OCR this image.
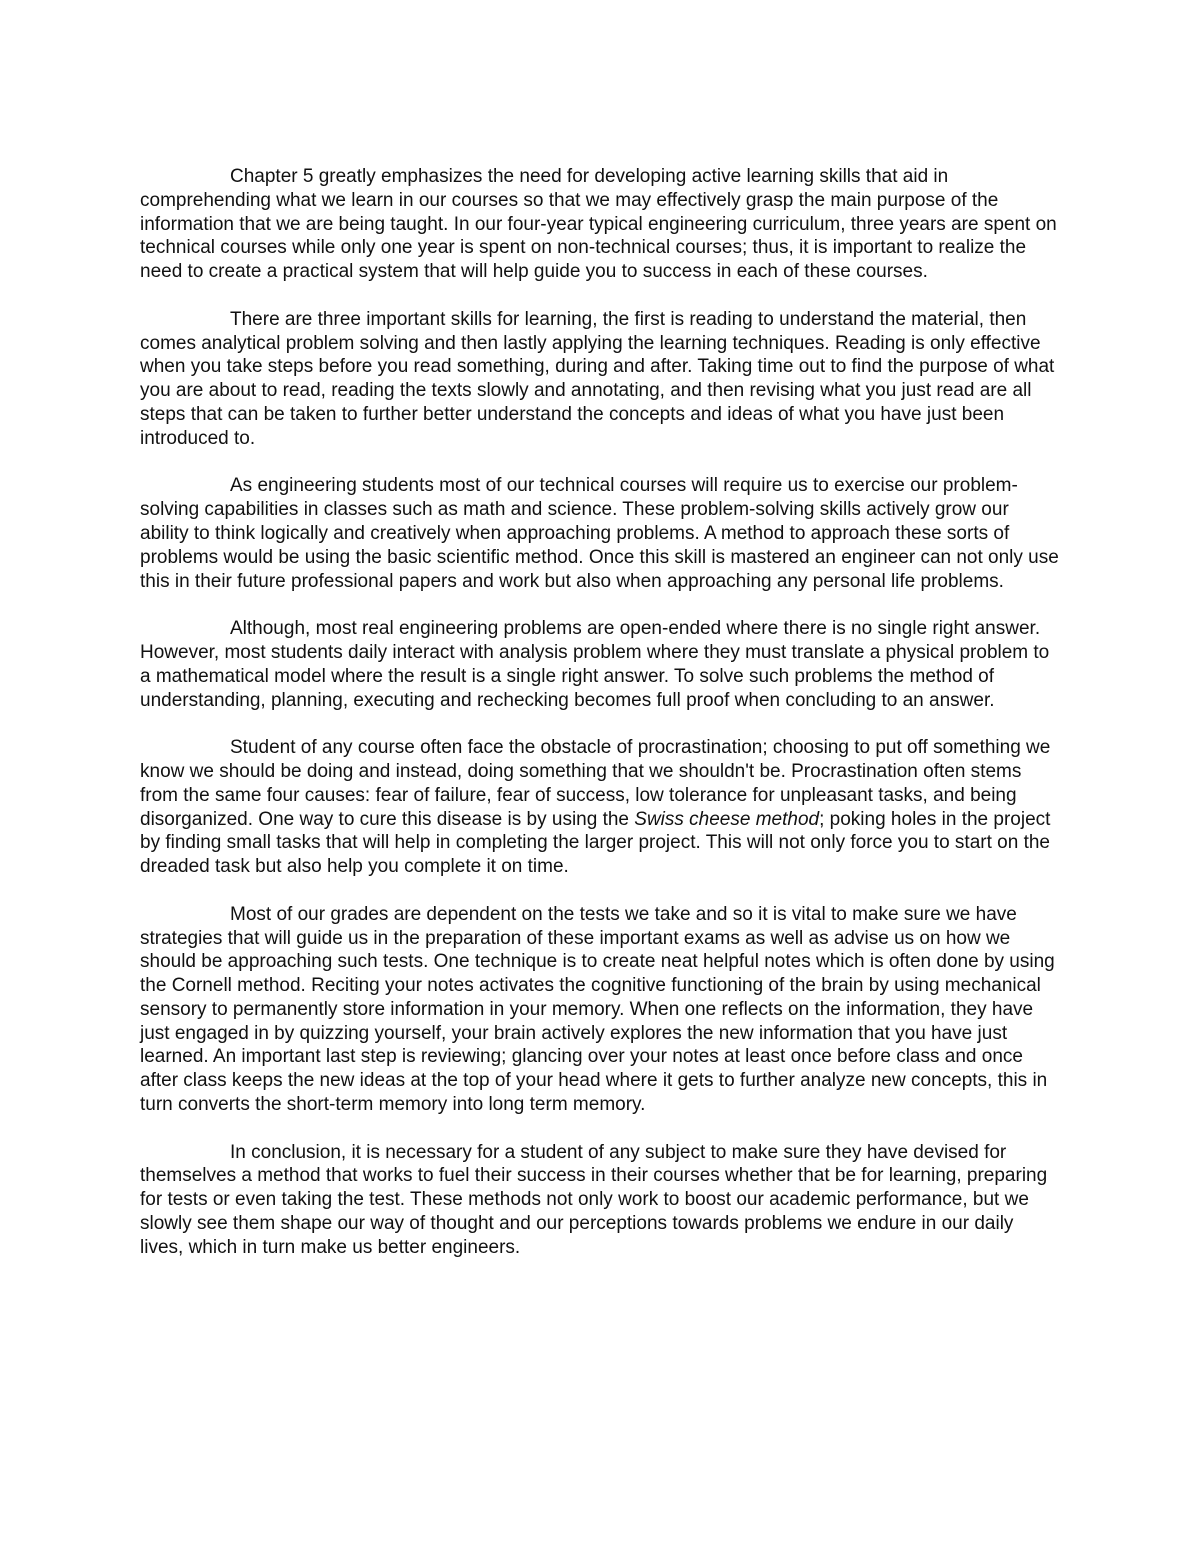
Chapter 5 greatly emphasizes the need for developing active learning skills that aid in comprehending what we learn in our courses so that we may effectively grasp the main purpose of the information that we are being taught. In our four-year typical engineering curriculum, three years are spent on technical courses while only one year is spent on non-technical courses; thus, it is important to realize the need to create a practical system that will help guide you to success in each of these courses.

There are three important skills for learning, the first is reading to understand the material, then comes analytical problem solving and then lastly applying the learning techniques. Reading is only effective when you take steps before you read something, during and after. Taking time out to find the purpose of what you are about to read, reading the texts slowly and annotating, and then revising what you just read are all steps that can be taken to further better understand the concepts and ideas of what you have just been introduced to.

As engineering students most of our technical courses will require us to exercise our problem-solving capabilities in classes such as math and science. These problem-solving skills actively grow our ability to think logically and creatively when approaching problems. A method to approach these sorts of problems would be using the basic scientific method. Once this skill is mastered an engineer can not only use this in their future professional papers and work but also when approaching any personal life problems.

Although, most real engineering problems are open-ended where there is no single right answer. However, most students daily interact with analysis problem where they must translate a physical problem to a mathematical model where the result is a single right answer. To solve such problems the method of understanding, planning, executing and rechecking becomes full proof when concluding to an answer.

Student of any course often face the obstacle of procrastination; choosing to put off something we know we should be doing and instead, doing something that we shouldn't be. Procrastination often stems from the same four causes: fear of failure, fear of success, low tolerance for unpleasant tasks, and being disorganized. One way to cure this disease is by using the Swiss cheese method; poking holes in the project by finding small tasks that will help in completing the larger project. This will not only force you to start on the dreaded task but also help you complete it on time.

Most of our grades are dependent on the tests we take and so it is vital to make sure we have strategies that will guide us in the preparation of these important exams as well as advise us on how we should be approaching such tests. One technique is to create neat helpful notes which is often done by using the Cornell method. Reciting your notes activates the cognitive functioning of the brain by using mechanical sensory to permanently store information in your memory. When one reflects on the information, they have just engaged in by quizzing yourself, your brain actively explores the new information that you have just learned. An important last step is reviewing; glancing over your notes at least once before class and once after class keeps the new ideas at the top of your head where it gets to further analyze new concepts, this in turn converts the short-term memory into long term memory.

In conclusion, it is necessary for a student of any subject to make sure they have devised for themselves a method that works to fuel their success in their courses whether that be for learning, preparing for tests or even taking the test. These methods not only work to boost our academic performance, but we slowly see them shape our way of thought and our perceptions towards problems we endure in our daily lives, which in turn make us better engineers.
